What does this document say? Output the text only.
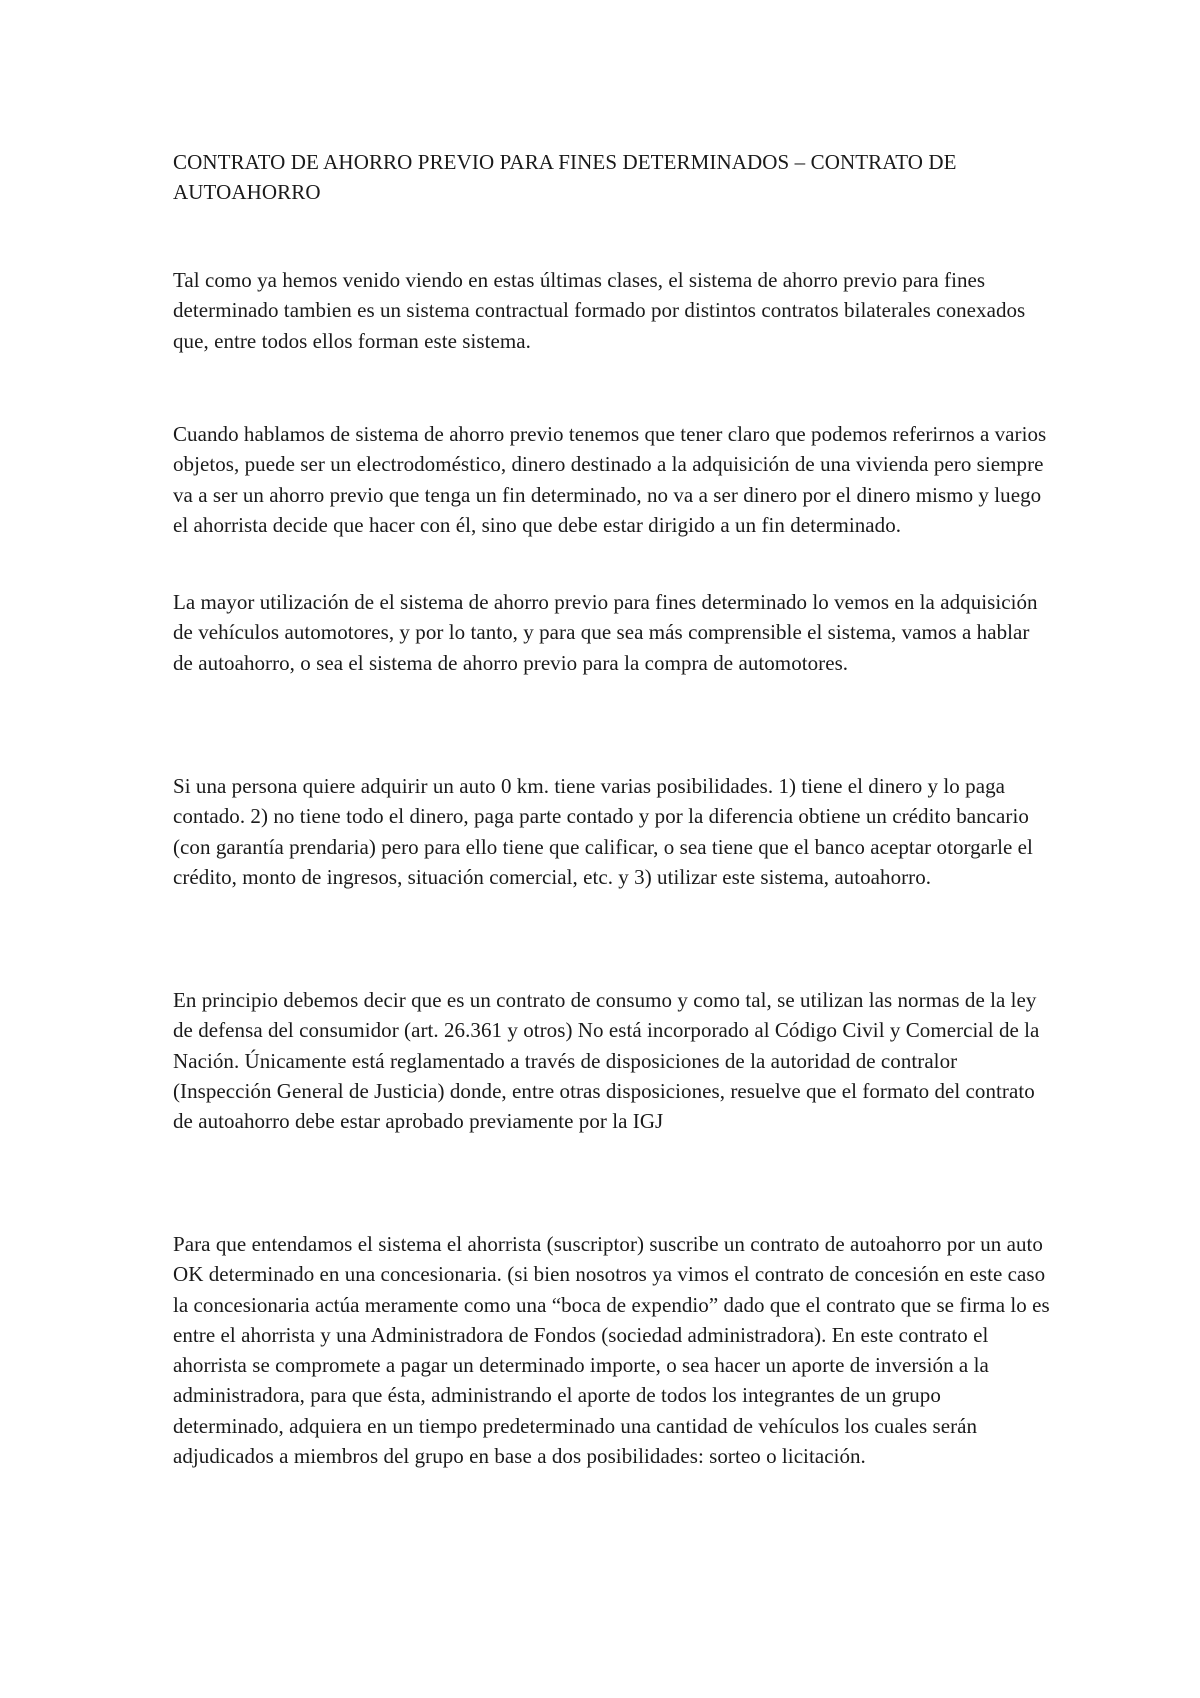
CONTRATO DE AHORRO PREVIO PARA FINES DETERMINADOS – CONTRATO DE AUTOAHORRO

Tal como ya hemos venido viendo en estas últimas clases, el sistema de ahorro previo para fines determinado tambien es un sistema contractual formado por distintos contratos bilaterales conexados que, entre todos ellos forman este sistema.

Cuando hablamos de sistema de ahorro previo tenemos que tener claro que podemos referirnos a varios objetos, puede ser un electrodoméstico, dinero destinado a la adquisición de una vivienda pero siempre va a ser un ahorro previo que tenga un fin determinado, no va a ser dinero por el dinero mismo y luego el ahorrista decide que hacer con él, sino que debe estar dirigido a un fin determinado.

La mayor utilización de el sistema de ahorro previo para fines determinado lo vemos en la adquisición de vehículos automotores, y por lo tanto, y para que sea más comprensible el sistema, vamos a hablar de autoahorro, o sea el sistema de ahorro previo para la compra de automotores.

Si una persona quiere adquirir un auto 0 km. tiene varias posibilidades. 1) tiene el dinero y lo paga contado. 2) no tiene todo el dinero, paga parte contado y por la diferencia obtiene un crédito bancario (con garantía prendaria) pero para ello tiene que calificar, o sea tiene que el banco aceptar otorgarle el crédito, monto de ingresos, situación comercial, etc. y 3) utilizar este sistema, autoahorro.

En principio debemos decir que es un contrato de consumo y como tal, se utilizan las normas de la ley de defensa del consumidor (art. 26.361 y otros) No está incorporado al Código Civil y Comercial de la Nación. Únicamente está reglamentado a través de disposiciones de la autoridad de contralor (Inspección General de Justicia) donde, entre otras disposiciones, resuelve que el formato del contrato de autoahorro debe estar aprobado previamente por la IGJ

Para que entendamos el sistema el ahorrista (suscriptor) suscribe un contrato de autoahorro por un auto OK determinado en una concesionaria. (si bien nosotros ya vimos el contrato de concesión en este caso la concesionaria actúa meramente como una “boca de expendio” dado que el contrato que se firma lo es entre el ahorrista y una Administradora de Fondos (sociedad administradora). En este contrato el ahorrista se compromete a pagar un determinado importe, o sea hacer un aporte de inversión a la administradora, para que ésta, administrando el aporte de todos los integrantes de un grupo determinado, adquiera en un tiempo predeterminado una cantidad de vehículos los cuales serán adjudicados a miembros del grupo en base a dos posibilidades: sorteo o licitación.
